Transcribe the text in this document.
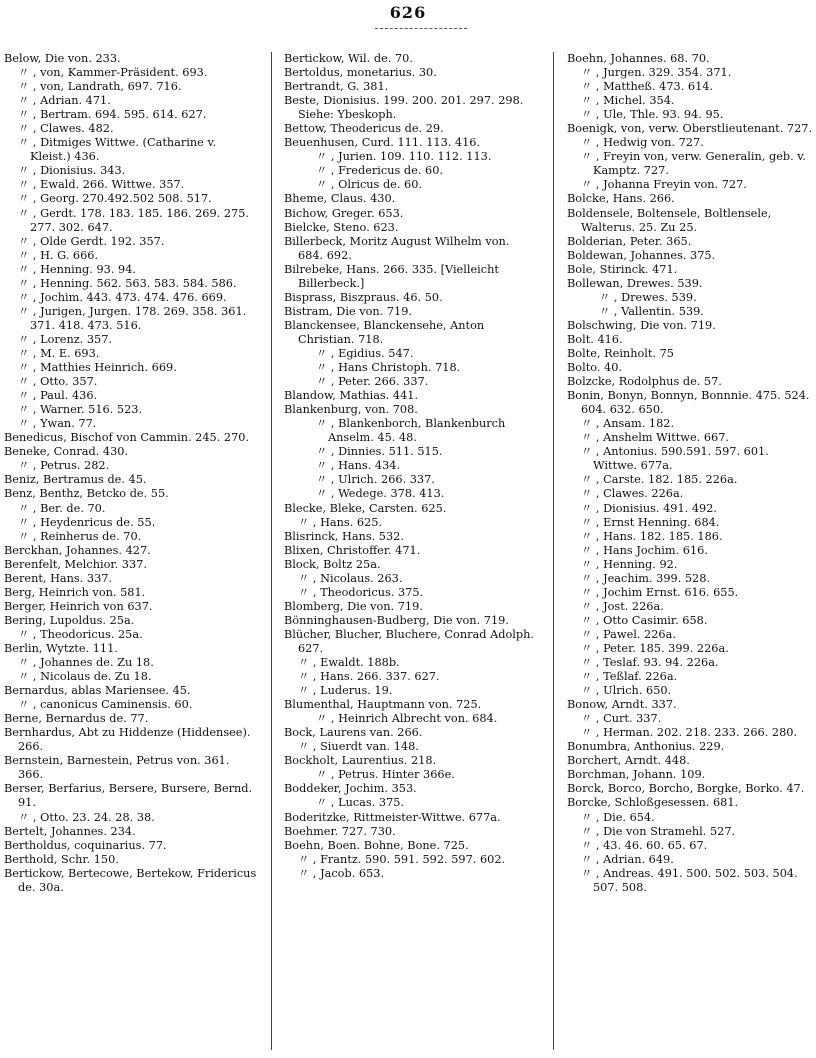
626
Below, Die von. 233.
〃 , von, Kammer-Präsident. 693.
〃 , von, Landrath, 697. 716.
〃 , Adrian. 471.
〃 , Bertram. 694. 595. 614. 627.
〃 , Clawes. 482.
〃 , Ditmiges Wittwe. (Catharine v. Kleist.) 436.
〃 , Dionisius. 343.
〃 , Ewald. 266. Wittwe. 357.
〃 , Georg. 270.492.502 508. 517.
〃 , Gerdt. 178. 183. 185. 186. 269. 275. 277. 302. 647.
〃 , Olde Gerdt. 192. 357.
〃 , H. G. 666.
〃 , Henning. 93. 94.
〃 , Henning. 562. 563. 583. 584. 586.
〃 , Jochim. 443. 473. 474. 476. 669.
〃 , Jurigen, Jurgen. 178. 269. 358. 361. 371. 418. 473. 516.
〃 , Lorenz. 357.
〃 , M. E. 693.
〃 , Matthies Heinrich. 669.
〃 , Otto. 357.
〃 , Paul. 436.
〃 , Warner. 516. 523.
〃 , Ywan. 77.
Benedicus, Bischof von Cammin. 245. 270.
Beneke, Conrad. 430.
〃 , Petrus. 282.
Beniz, Bertramus de. 45.
Benz, Benthz, Betcko de. 55.
〃 , Ber. de. 70.
〃 , Heydenricus de. 55.
〃 , Reinherus de. 70.
Berckhan, Johannes. 427.
Berenfelt, Melchior. 337.
Berent, Hans. 337.
Berg, Heinrich von. 581.
Berger, Heinrich von 637.
Bering, Lupoldus. 25a.
〃 , Theodoricus. 25a.
Berlin, Wytzte. 111.
〃 , Johannes de. Zu 18.
〃 , Nicolaus de. Zu 18.
Bernardus, ablas Mariensee. 45.
〃 , canonicus Caminensis. 60.
Berne, Bernardus de. 77.
Bernhardus, Abt zu Hiddenze (Hiddensee). 266.
Bernstein, Barnestein, Petrus von. 361. 366.
Berser, Berfarius, Bersere, Bursere, Bernd. 91.
〃 , Otto. 23. 24. 28. 38.
Bertelt, Johannes. 234.
Bertholdus, coquinarius. 77.
Berthold, Schr. 150.
Bertickow, Bertecowe, Bertekow, Fridericus de. 30a.
Bertickow, Wil. de. 70.
Bertoldus, monetarius. 30.
Bertrandt, G. 381.
Beste, Dionisius. 199. 200. 201. 297. 298. Siehe: Ybeskoph.
Bettow, Theodericus de. 29.
Beuenhusen, Curd. 111. 113. 416.
〃 , Jurien. 109. 110. 112. 113.
〃 , Fredericus de. 60.
〃 , Olricus de. 60.
Bheme, Claus. 430.
Bichow, Greger. 653.
Bielcke, Steno. 623.
Billerbeck, Moritz August Wilhelm von. 684. 692.
Bilrebeke, Hans. 266. 335. [Vielleicht Billerbeck.]
Bisprass, Biszpraus. 46. 50.
Bistram, Die von. 719.
Blanckensee, Blanckensehe, Anton Christian. 718.
〃 , Egidius. 547.
〃 , Hans Christoph. 718.
〃 , Peter. 266. 337.
Blandow, Mathias. 441.
Blankenburg, von. 708.
〃 , Blankenborch, Blankenburch Anselm. 45. 48.
〃 , Dinnies. 511. 515.
〃 , Hans. 434.
〃 , Ulrich. 266. 337.
〃 , Wedege. 378. 413.
Blecke, Bleke, Carsten. 625.
〃 , Hans. 625.
Blisrinck, Hans. 532.
Blixen, Christoffer. 471.
Block, Boltz 25a.
〃 , Nicolaus. 263.
〃 , Theodoricus. 375.
Blomberg, Die von. 719.
Bönninghausen-Budberg, Die von. 719.
Blücher, Blucher, Bluchere, Conrad Adolph. 627.
〃 , Ewaldt. 188b.
〃 , Hans. 266. 337. 627.
〃 , Luderus. 19.
Blumenthal, Hauptmann von. 725.
〃 , Heinrich Albrecht von. 684.
Bock, Laurens van. 266.
〃 , Siuerdt van. 148.
Bockholt, Laurentius. 218.
〃 , Petrus. Hinter 366e.
Boddeker, Jochim. 353.
〃 , Lucas. 375.
Boderitzke, Rittmeister-Wittwe. 677a.
Boehmer. 727. 730.
Boehn, Boen. Bohne, Bone. 725.
〃 , Frantz. 590. 591. 592. 597. 602.
〃 , Jacob. 653.
Boehn, Johannes. 68. 70.
〃 , Jurgen. 329. 354. 371.
〃 , Mattheß. 473. 614.
〃 , Michel. 354.
〃 , Ule, Thle. 93. 94. 95.
Boenigk, von, verw. Oberstlieutenant. 727.
〃 , Hedwig von. 727.
〃 , Freyin von, verw. Generalin, geb. v. Kamptz. 727.
〃 , Johanna Freyin von. 727.
Bolcke, Hans. 266.
Boldensele, Boltensele, Boltlensele, Walterus. 25. Zu 25.
Bolderian, Peter. 365.
Boldewan, Johannes. 375.
Bole, Stirinck. 471.
Bollewan, Drewes. 539.
〃 , Drewes. 539.
〃 , Vallentin. 539.
Bolschwing, Die von. 719.
Bolt. 416.
Bolte, Reinholt. 75
Bolto. 40.
Bolzcke, Rodolphus de. 57.
Bonin, Bonyn, Bonnyn, Bonnnie. 475. 524. 604. 632. 650.
〃 , Ansam. 182.
〃 , Anshelm Wittwe. 667.
〃 , Antonius. 590.591. 597. 601. Wittwe. 677a.
〃 , Carste. 182. 185. 226a.
〃 , Clawes. 226a.
〃 , Dionisius. 491. 492.
〃 , Ernst Henning. 684.
〃 , Hans. 182. 185. 186.
〃 , Hans Jochim. 616.
〃 , Henning. 92.
〃 , Jeachim. 399. 528.
〃 , Jochim Ernst. 616. 655.
〃 , Jost. 226a.
〃 , Otto Casimir. 658.
〃 , Pawel. 226a.
〃 , Peter. 185. 399. 226a.
〃 , Teslaf. 93. 94. 226a.
〃 , Teßlaf. 226a.
〃 , Ulrich. 650.
Bonow, Arndt. 337.
〃 , Curt. 337.
〃 , Herman. 202. 218. 233. 266. 280.
Bonumbra, Anthonius. 229.
Borchert, Arndt. 448.
Borchman, Johann. 109.
Borck, Borco, Borcho, Borgke, Borko. 47.
Borcke, Schloßgesessen. 681.
〃 , Die. 654.
〃 , Die von Stramehl. 527.
〃 , 43. 46. 60. 65. 67.
〃 , Adrian. 649.
〃 , Andreas. 491. 500. 502. 503. 504. 507. 508.
